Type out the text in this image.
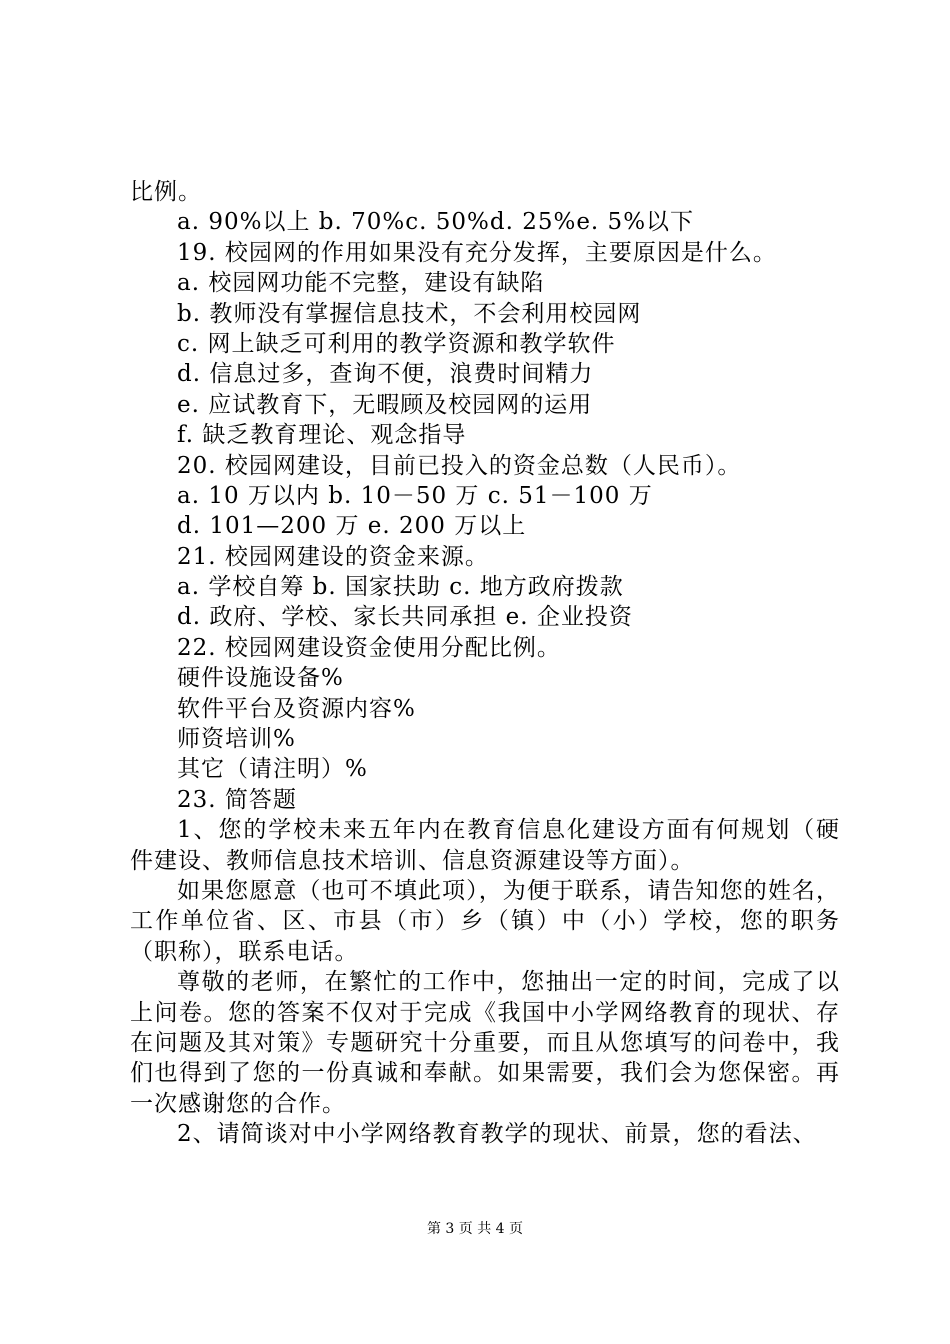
比例。
a. 90%以上 b. 70%c. 50%d. 25%e. 5%以下
19. 校园网的作用如果没有充分发挥，主要原因是什么。
a. 校园网功能不完整，建设有缺陷
b. 教师没有掌握信息技术，不会利用校园网
c. 网上缺乏可利用的教学资源和教学软件
d. 信息过多，查询不便，浪费时间精力
e. 应试教育下，无暇顾及校园网的运用
f. 缺乏教育理论、观念指导
20. 校园网建设，目前已投入的资金总数（人民币）。
a. 10 万以内 b. 10－50 万 c. 51－100 万
d. 101—200 万 e. 200 万以上
21. 校园网建设的资金来源。
a. 学校自筹 b. 国家扶助 c. 地方政府拨款
d. 政府、学校、家长共同承担 e. 企业投资
22. 校园网建设资金使用分配比例。
硬件设施设备%
软件平台及资源内容%
师资培训%
其它（请注明）%
23. 简答题
1、您的学校未来五年内在教育信息化建设方面有何规划（硬件建设、教师信息技术培训、信息资源建设等方面）。
如果您愿意（也可不填此项），为便于联系，请告知您的姓名，工作单位省、区、市县（市）乡（镇）中（小）学校，您的职务（职称），联系电话。
尊敬的老师，在繁忙的工作中，您抽出一定的时间，完成了以上问卷。您的答案不仅对于完成《我国中小学网络教育的现状、存在问题及其对策》专题研究十分重要，而且从您填写的问卷中，我们也得到了您的一份真诚和奉献。如果需要，我们会为您保密。再一次感谢您的合作。
2、请简谈对中小学网络教育教学的现状、前景，您的看法、
第 3 页 共 4 页
